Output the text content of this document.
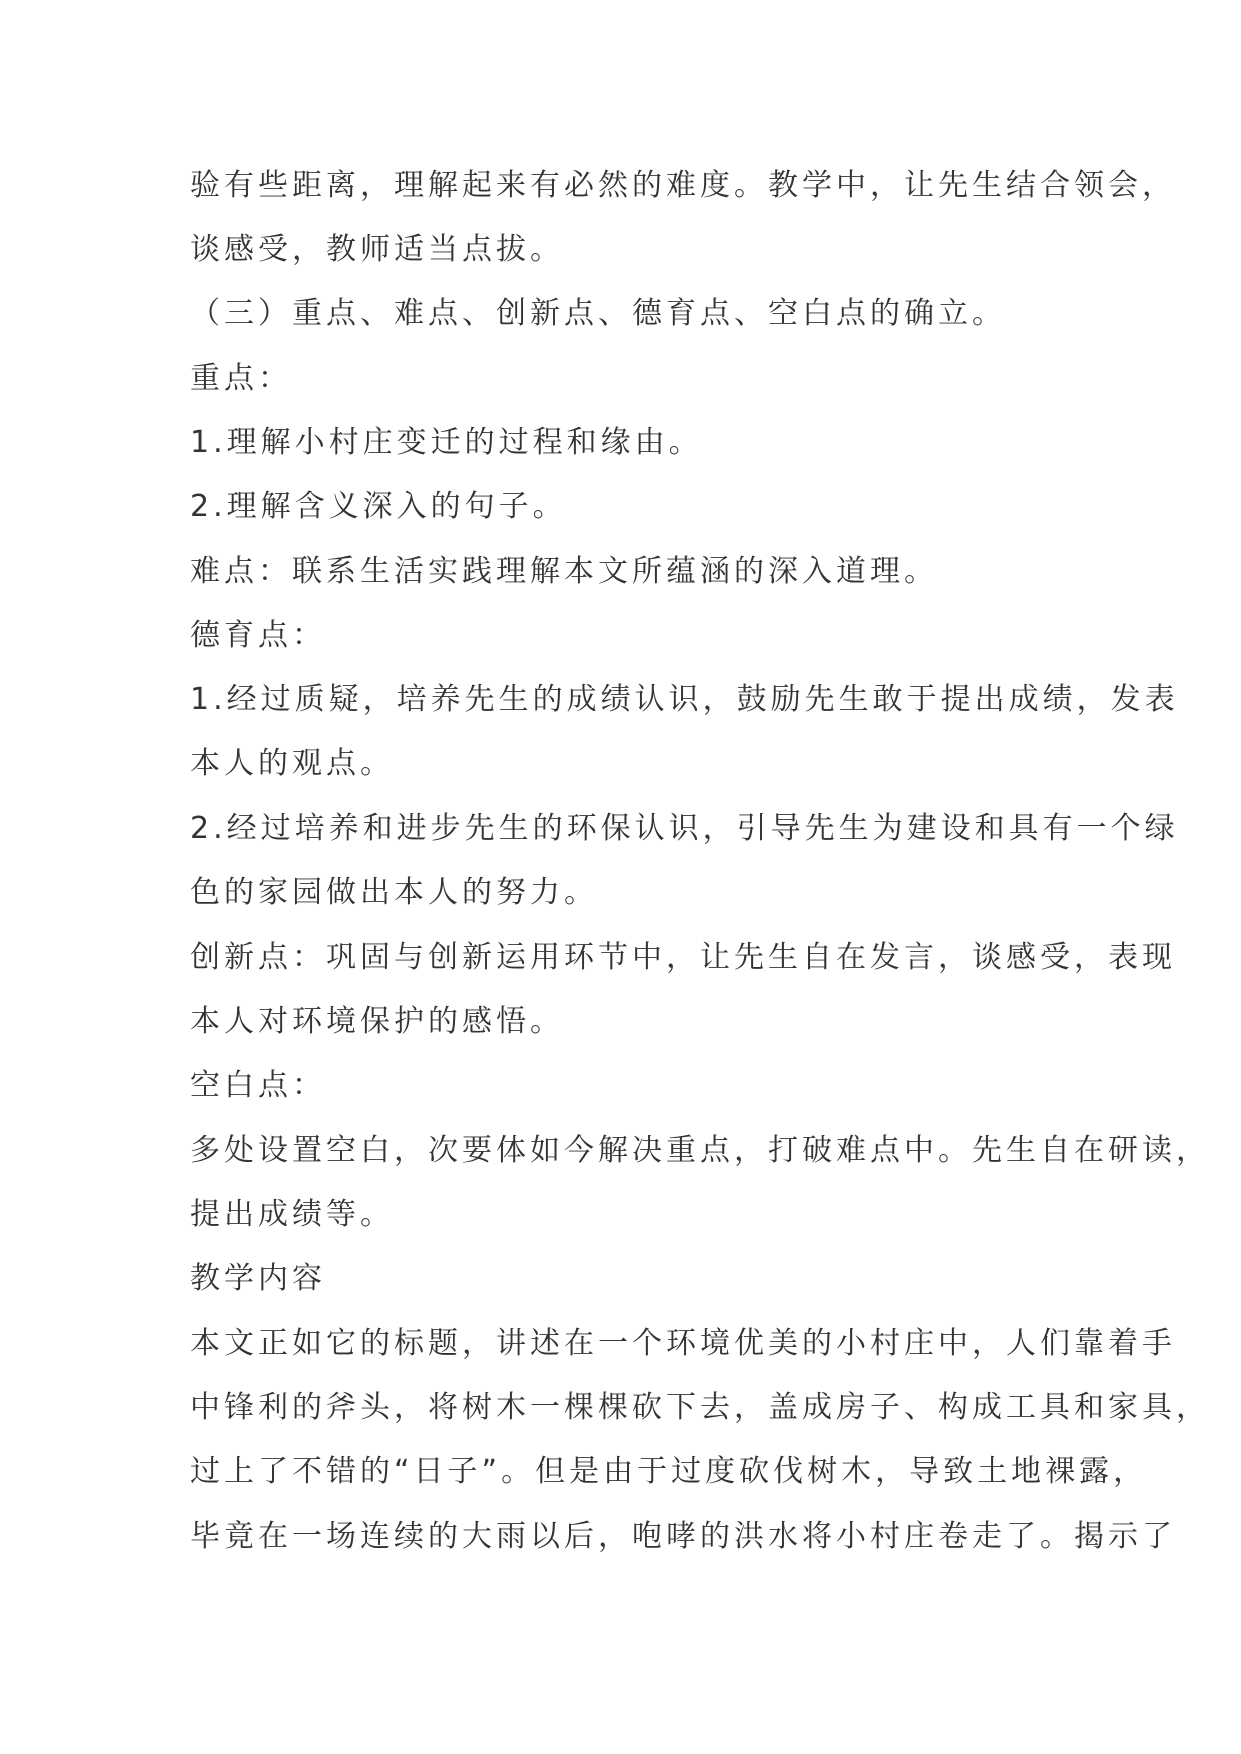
验有些距离，理解起来有必然的难度。教学中，让先生结合领会，
谈感受，教师适当点拔。
（三）重点、难点、创新点、德育点、空白点的确立。
重点：
1.理解小村庄变迁的过程和缘由。
2.理解含义深入的句子。
难点：联系生活实践理解本文所蕴涵的深入道理。
德育点：
1.经过质疑，培养先生的成绩认识，鼓励先生敢于提出成绩，发表
本人的观点。
2.经过培养和进步先生的环保认识，引导先生为建设和具有一个绿
色的家园做出本人的努力。
创新点：巩固与创新运用环节中，让先生自在发言，谈感受，表现
本人对环境保护的感悟。
空白点：
多处设置空白，次要体如今解决重点，打破难点中。先生自在研读，
提出成绩等。
教学内容
本文正如它的标题，讲述在一个环境优美的小村庄中，人们靠着手
中锋利的斧头，将树木一棵棵砍下去，盖成房子、构成工具和家具，
过上了不错的“日子”。但是由于过度砍伐树木，导致土地裸露，
毕竟在一场连续的大雨以后，咆哮的洪水将小村庄卷走了。揭示了
